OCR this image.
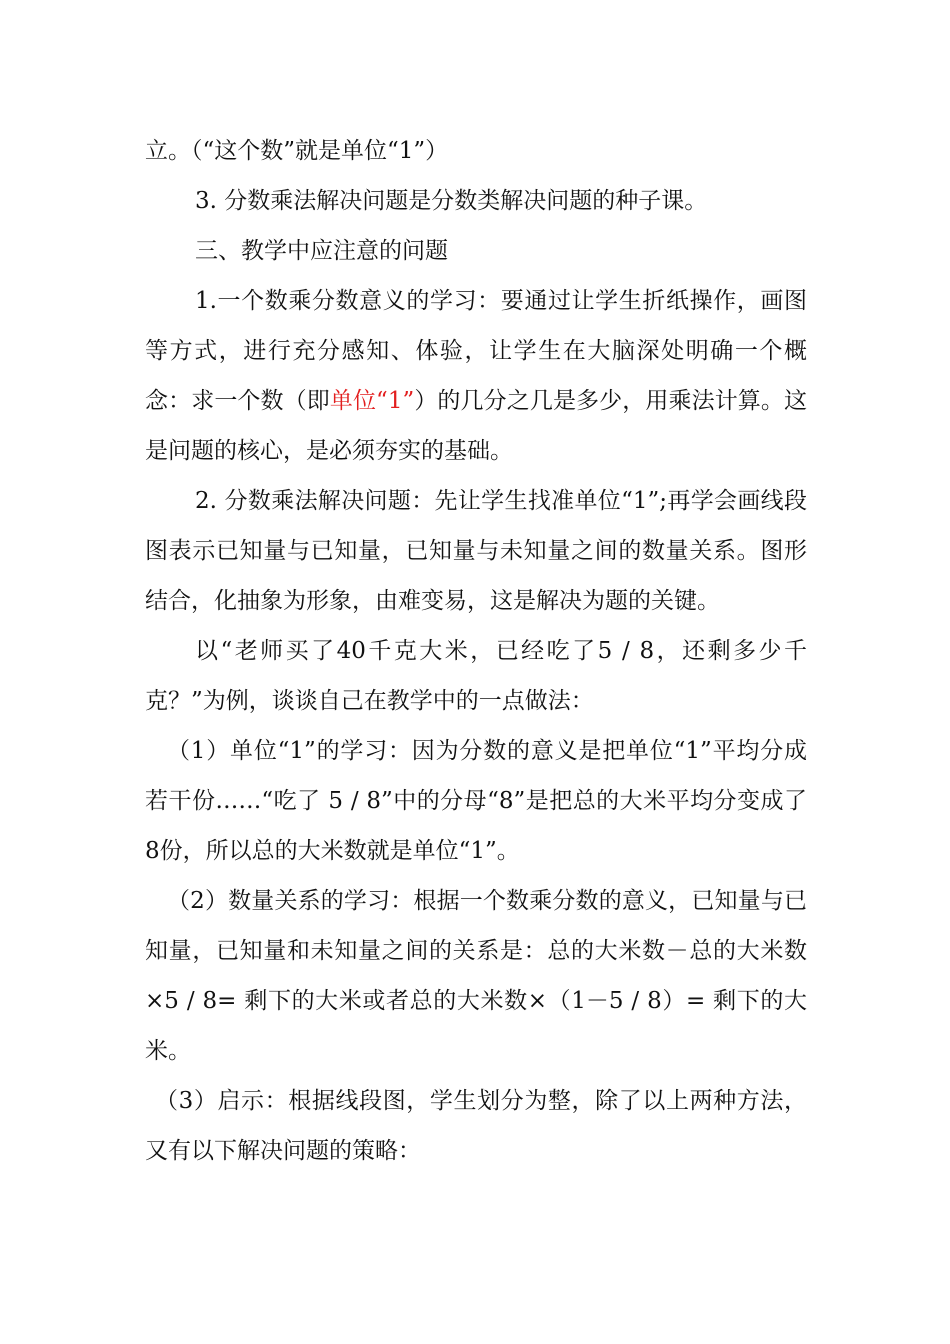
立。（“这个数”就是单位“1”）

3. 分数乘法解决问题是分数类解决问题的种子课。

三、教学中应注意的问题

1.一个数乘分数意义的学习：要通过让学生折纸操作，画图等方式，进行充分感知、体验，让学生在大脑深处明确一个概念：求一个数（即单位“1”）的几分之几是多少，用乘法计算。这是问题的核心，是必须夯实的基础。

2. 分数乘法解决问题：先让学生找准单位“1”;再学会画线段图表示已知量与已知量，已知量与未知量之间的数量关系。图形结合，化抽象为形象，由难变易，这是解决为题的关键。

以“老师买了40千克大米，已经吃了5 / 8，还剩多少千克？”为例，谈谈自己在教学中的一点做法：

（1）单位“1”的学习：因为分数的意义是把单位“1”平均分成若干份……“吃了 5 / 8”中的分母“8”是把总的大米平均分变成了8份，所以总的大米数就是单位“1”。

（2）数量关系的学习：根据一个数乘分数的意义，已知量与已知量，已知量和未知量之间的关系是：总的大米数－总的大米数×5 / 8= 剩下的大米或者总的大米数×（1－5 / 8）= 剩下的大米。

（3）启示：根据线段图，学生划分为整，除了以上两种方法，又有以下解决问题的策略：
